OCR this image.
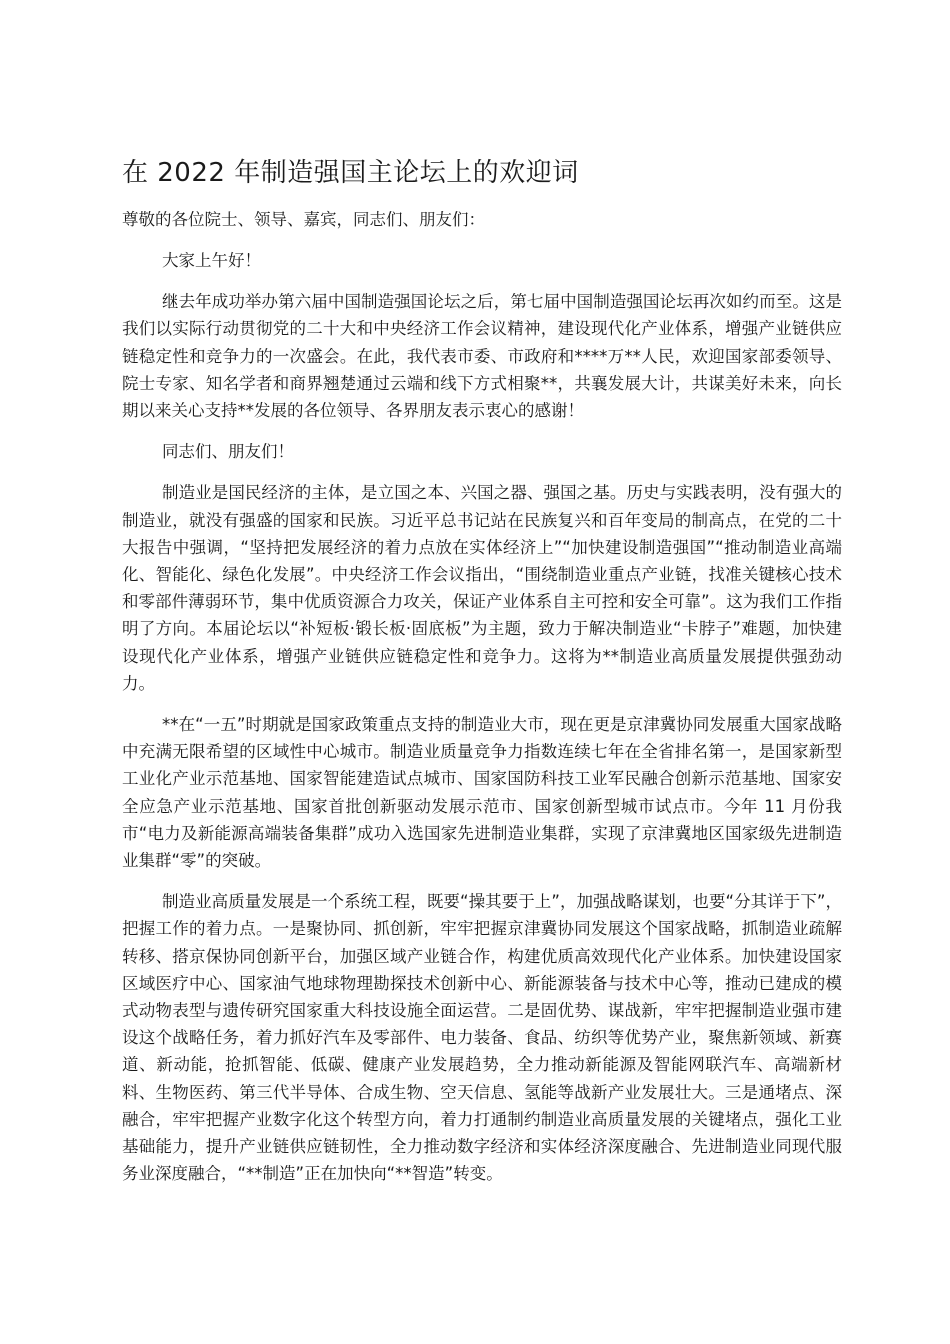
在 2022 年制造强国主论坛上的欢迎词

尊敬的各位院士、领导、嘉宾，同志们、朋友们：

大家上午好！

继去年成功举办第六届中国制造强国论坛之后，第七届中国制造强国论坛再次如约而至。这是我们以实际行动贯彻党的二十大和中央经济工作会议精神，建设现代化产业体系，增强产业链供应链稳定性和竞争力的一次盛会。在此，我代表市委、市政府和****万**人民，欢迎国家部委领导、院士专家、知名学者和商界翘楚通过云端和线下方式相聚**，共襄发展大计，共谋美好未来，向长期以来关心支持**发展的各位领导、各界朋友表示衷心的感谢！

同志们、朋友们！

制造业是国民经济的主体，是立国之本、兴国之器、强国之基。历史与实践表明，没有强大的制造业，就没有强盛的国家和民族。习近平总书记站在民族复兴和百年变局的制高点，在党的二十大报告中强调，“坚持把发展经济的着力点放在实体经济上”“加快建设制造强国”“推动制造业高端化、智能化、绿色化发展”。中央经济工作会议指出，“围绕制造业重点产业链，找准关键核心技术和零部件薄弱环节，集中优质资源合力攻关，保证产业体系自主可控和安全可靠”。这为我们工作指明了方向。本届论坛以“补短板·锻长板·固底板”为主题，致力于解决制造业“卡脖子”难题，加快建设现代化产业体系，增强产业链供应链稳定性和竞争力。这将为**制造业高质量发展提供强劲动力。

**在“一五”时期就是国家政策重点支持的制造业大市，现在更是京津冀协同发展重大国家战略中充满无限希望的区域性中心城市。制造业质量竞争力指数连续七年在全省排名第一，是国家新型工业化产业示范基地、国家智能建造试点城市、国家国防科技工业军民融合创新示范基地、国家安全应急产业示范基地、国家首批创新驱动发展示范市、国家创新型城市试点市。今年 11 月份我市“电力及新能源高端装备集群”成功入选国家先进制造业集群，实现了京津冀地区国家级先进制造业集群“零”的突破。

制造业高质量发展是一个系统工程，既要“操其要于上”，加强战略谋划，也要“分其详于下”，把握工作的着力点。一是聚协同、抓创新，牢牢把握京津冀协同发展这个国家战略，抓制造业疏解转移、搭京保协同创新平台，加强区域产业链合作，构建优质高效现代化产业体系。加快建设国家区域医疗中心、国家油气地球物理勘探技术创新中心、新能源装备与技术中心等，推动已建成的模式动物表型与遗传研究国家重大科技设施全面运营。二是固优势、谋战新，牢牢把握制造业强市建设这个战略任务，着力抓好汽车及零部件、电力装备、食品、纺织等优势产业，聚焦新领域、新赛道、新动能，抢抓智能、低碳、健康产业发展趋势，全力推动新能源及智能网联汽车、高端新材料、生物医药、第三代半导体、合成生物、空天信息、氢能等战新产业发展壮大。三是通堵点、深融合，牢牢把握产业数字化这个转型方向，着力打通制约制造业高质量发展的关键堵点，强化工业基础能力，提升产业链供应链韧性，全力推动数字经济和实体经济深度融合、先进制造业同现代服务业深度融合，“**制造”正在加快向“**智造”转变。
